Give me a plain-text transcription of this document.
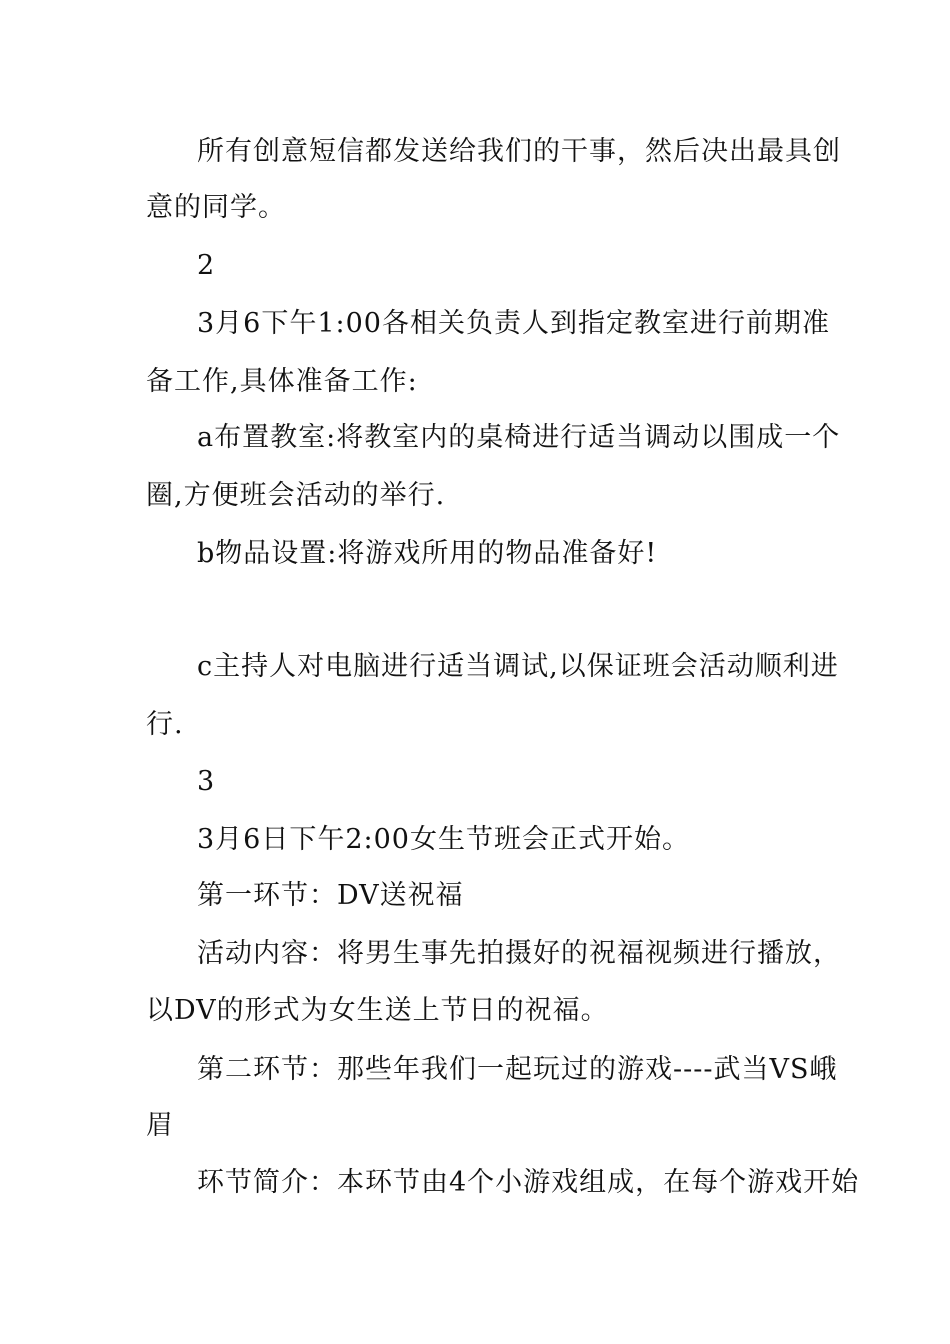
所有创意短信都发送给我们的干事，然后决出最具创
意的同学。
2
3月6下午1:00各相关负责人到指定教室进行前期准
备工作,具体准备工作:
a布置教室:将教室内的桌椅进行适当调动以围成一个
圈,方便班会活动的举行.
b物品设置:将游戏所用的物品准备好!
c主持人对电脑进行适当调试,以保证班会活动顺利进
行.
3
3月6日下午2:00女生节班会正式开始。
第一环节：DV送祝福
活动内容：将男生事先拍摄好的祝福视频进行播放，
以DV的形式为女生送上节日的祝福。
第二环节：那些年我们一起玩过的游戏----武当VS峨
眉
环节简介：本环节由4个小游戏组成，在每个游戏开始
